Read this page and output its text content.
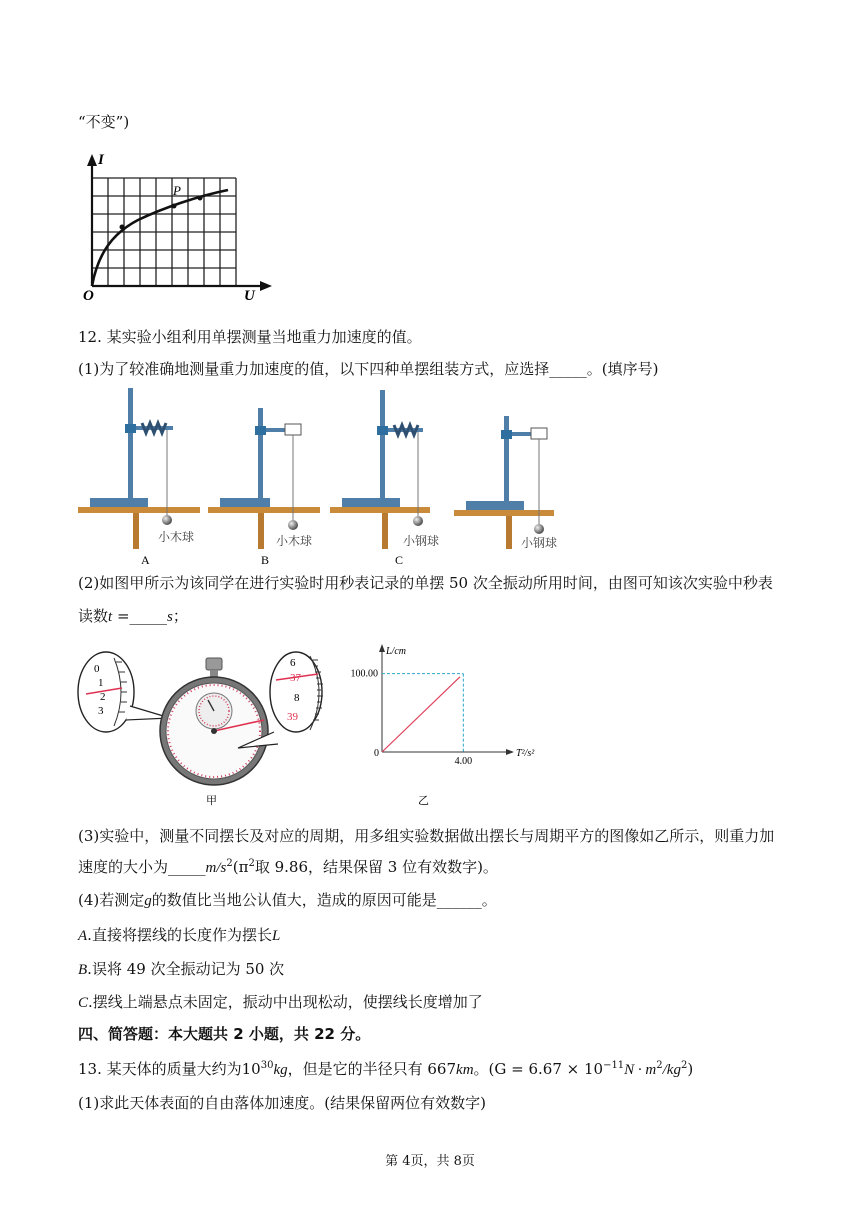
“不变”)
I
U
O
P
12. 某实验小组利用单摆测量当地重力加速度的值。
(1)为了较准确地测量重力加速度的值，以下四种单摆组装方式，应选择_____。(填序号)
小木球
A
小木球
B
小钢球
C
小钢球
(2)如图甲所示为该同学在进行实验时用秒表记录的单摆 50 次全振动所用时间，由图可知该次实验中秒表
读数t =_____s；
0
1
2
3
6
37
8
39
甲
L/cm
T²/s²
100.00
4.00
0
乙
(3)实验中，测量不同摆长及对应的周期，用多组实验数据做出摆长与周期平方的图像如乙所示，则重力加
速度的大小为$\_\_\_\_\_m/s^2(\pi^2$取 9.86，结果保留 3 位有效数字)。
(4)若测定g的数值比当地公认值大，造成的原因可能是______。
A.直接将摆线的长度作为摆长L
B.误将 49 次全振动记为 50 次
C.摆线上端悬点未固定，振动中出现松动，使摆线长度增加了
四、简答题：本大题共 2 小题，共 22 分。
13. 某天体的质量大约为$10^{30}kg$，但是它的半径只有 667km。$(G = 6.67 \times 10^{-11}N \cdot m^2/kg^2)$
(1)求此天体表面的自由落体加速度。(结果保留两位有效数字)
第 4页，共 8页
